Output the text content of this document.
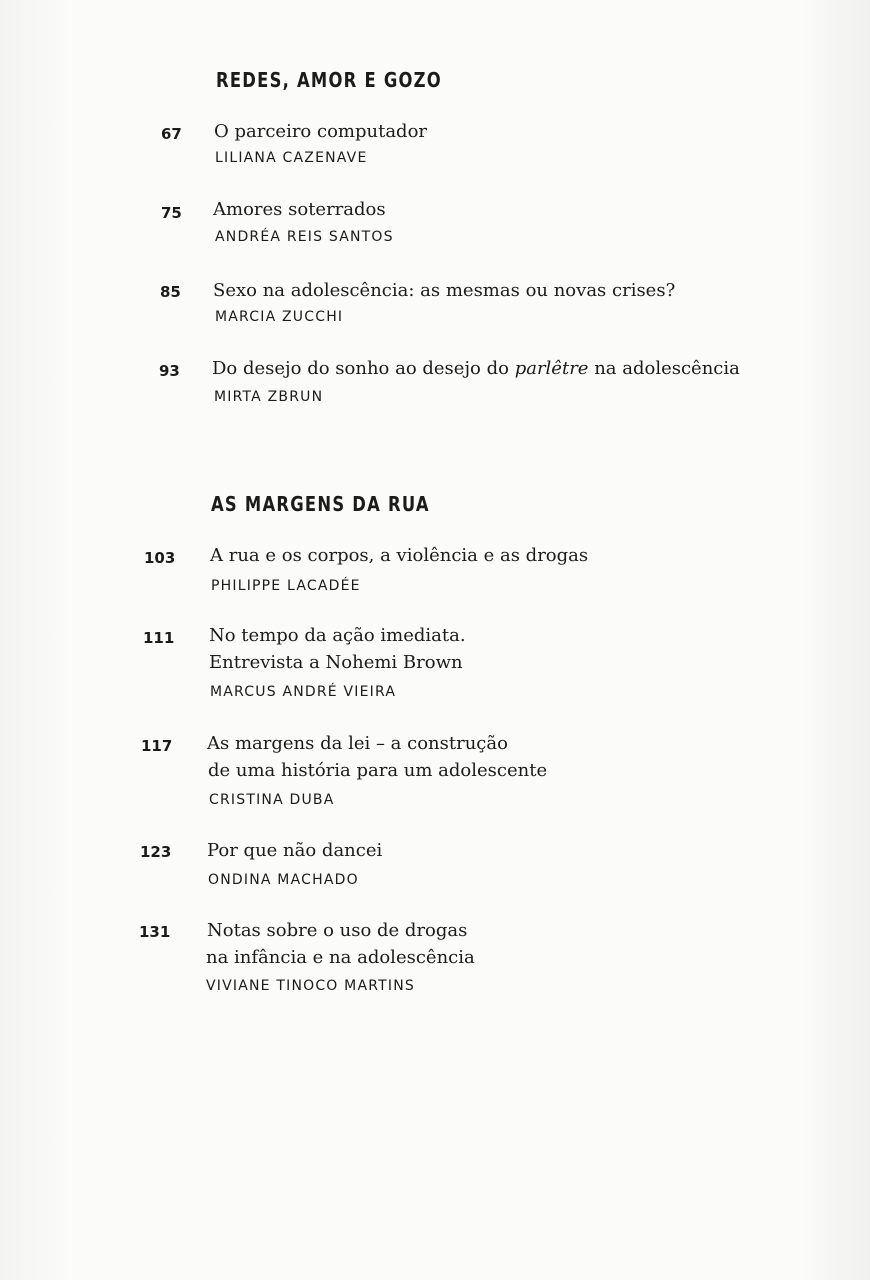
REDES, AMOR E GOZO
67 O parceiro computador
LILIANA CAZENAVE
75 Amores soterrados
ANDRÉA REIS SANTOS
85 Sexo na adolescência: as mesmas ou novas crises?
MARCIA ZUCCHI
93 Do desejo do sonho ao desejo do parlêtre na adolescência
MIRTA ZBRUN
AS MARGENS DA RUA
103 A rua e os corpos, a violência e as drogas
PHILIPPE LACADÉE
111 No tempo da ação imediata.
Entrevista a Nohemi Brown
MARCUS ANDRÉ VIEIRA
117 As margens da lei – a construção
de uma história para um adolescente
CRISTINA DUBA
123 Por que não dancei
ONDINA MACHADO
131 Notas sobre o uso de drogas
na infância e na adolescência
VIVIANE TINOCO MARTINS
